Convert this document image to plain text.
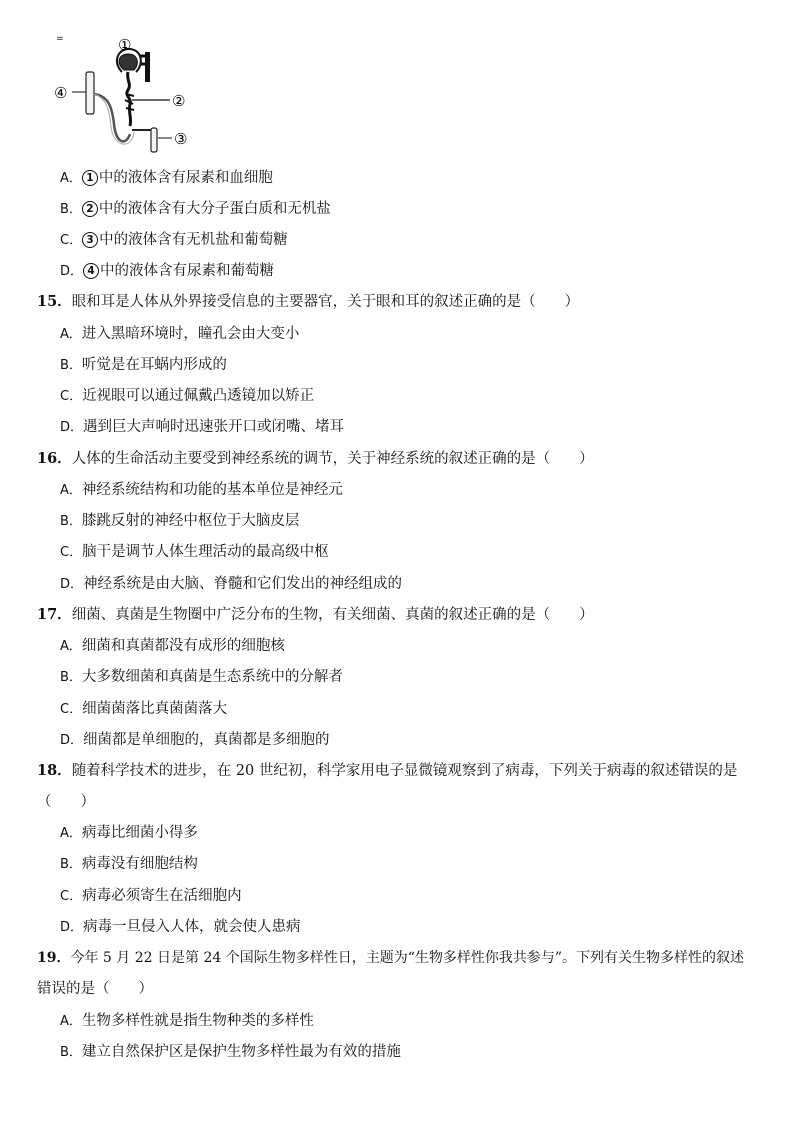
=	①
②
③
④
A． 1 中的液体含有尿素和血细胞
B． 2 中的液体含有大分子蛋白质和无机盐
C． 3 中的液体含有无机盐和葡萄糖
D． 4 中的液体含有尿素和葡萄糖
15．眼和耳是人体从外界接受信息的主要器官，关于眼和耳的叙述正确的是（　　）
A．进入黑暗环境时，瞳孔会由大变小
B．听觉是在耳蜗内形成的
C．近视眼可以通过佩戴凸透镜加以矫正
D．遇到巨大声响时迅速张开口或闭嘴、堵耳
16．人体的生命活动主要受到神经系统的调节，关于神经系统的叙述正确的是（　　）
A．神经系统结构和功能的基本单位是神经元
B．膝跳反射的神经中枢位于大脑皮层
C．脑干是调节人体生理活动的最高级中枢
D．神经系统是由大脑、脊髓和它们发出的神经组成的
17．细菌、真菌是生物圈中广泛分布的生物，有关细菌、真菌的叙述正确的是（　　）
A．细菌和真菌都没有成形的细胞核
B．大多数细菌和真菌是生态系统中的分解者
C．细菌菌落比真菌菌落大
D．细菌都是单细胞的，真菌都是多细胞的
18．随着科学技术的进步，在 20 世纪初，科学家用电子显微镜观察到了病毒，下列关于病毒的叙述错误的是
（　　）
A．病毒比细菌小得多
B．病毒没有细胞结构
C．病毒必须寄生在活细胞内
D．病毒一旦侵入人体，就会使人患病
19．今年 5 月 22 日是第 24 个国际生物多样性日，主题为“生物多样性你我共参与”。下列有关生物多样性的叙述
错误的是（　　）
A．生物多样性就是指生物种类的多样性
B．建立自然保护区是保护生物多样性最为有效的措施
